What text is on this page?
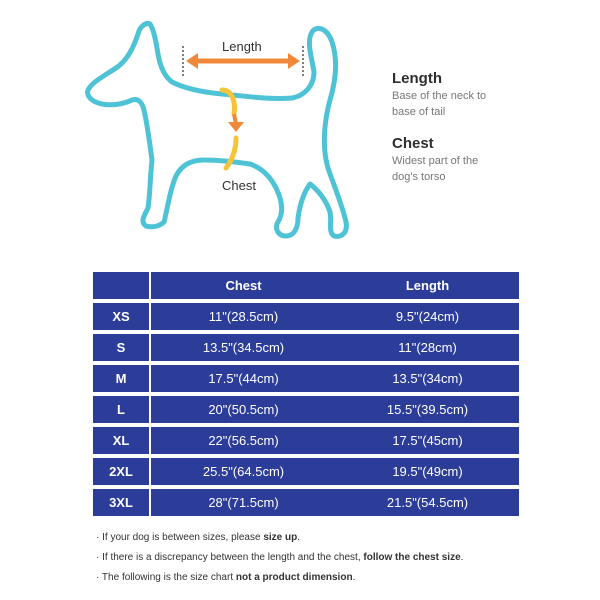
Length
Chest
Length
Base of the neck to
base of tail
Chest
Widest part of the
dog's torso
	Chest	Length
XS	11"(28.5cm)	9.5"(24cm)
S	13.5"(34.5cm)	11"(28cm)
M	17.5"(44cm)	13.5"(34cm)
L	20"(50.5cm)	15.5"(39.5cm)
XL	22"(56.5cm)	17.5"(45cm)
2XL	25.5"(64.5cm)	19.5"(49cm)
3XL	28"(71.5cm)	21.5"(54.5cm)
· If your dog is between sizes, please size up.
· If there is a discrepancy between the length and the chest, follow the chest size.
· The following is the size chart not a product dimension.
